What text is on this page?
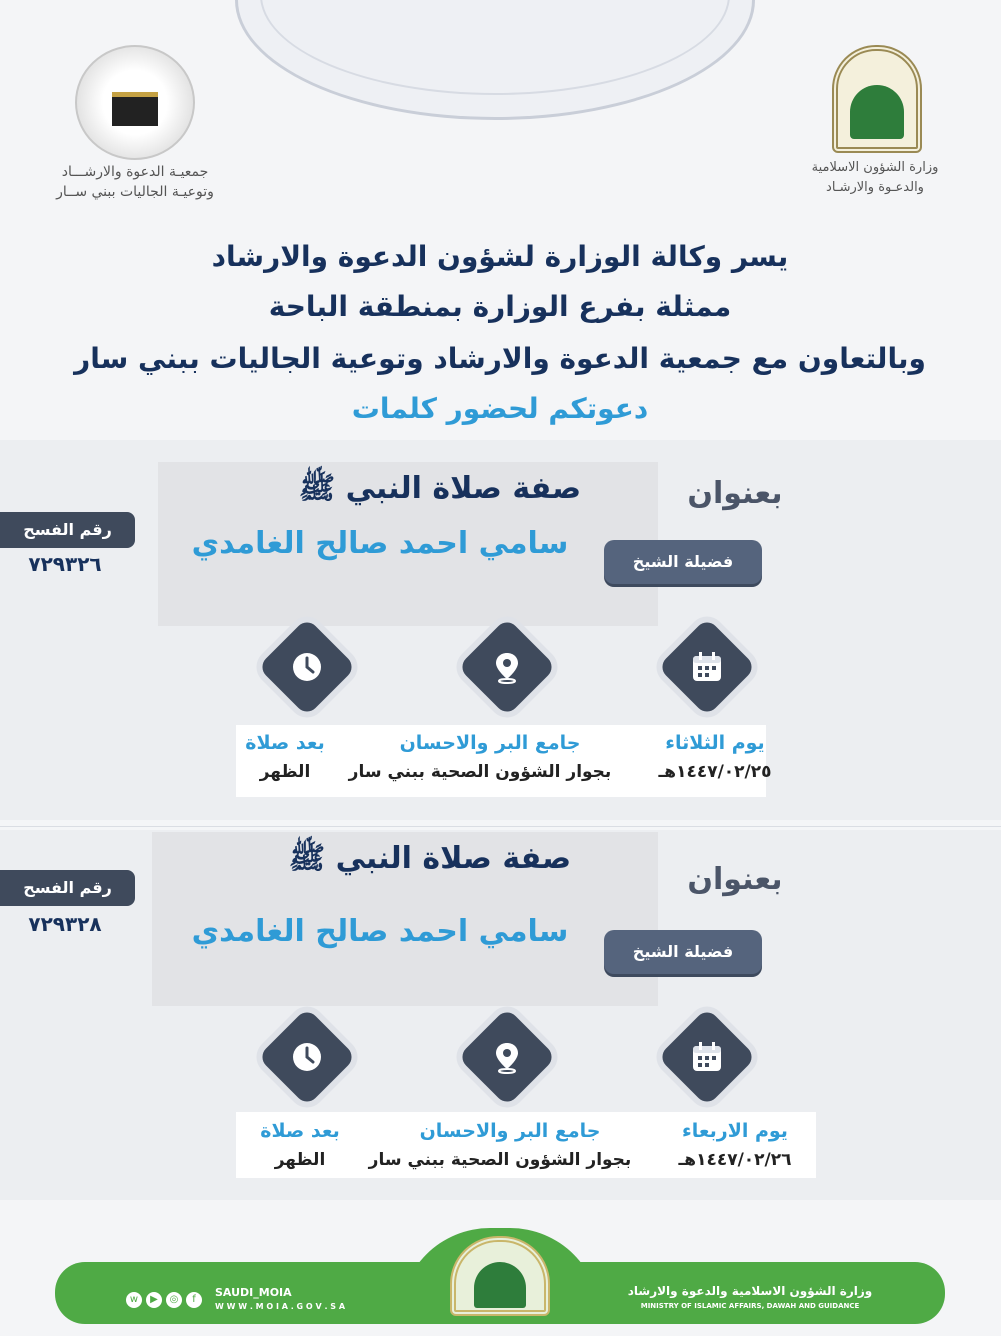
وزارة الشؤون الاسلامية
والدعـوة والارشـاد
جمعيـة الدعوة والارشـــاد
وتوعيـة الجاليات ببني ســار
يسر وكالة الوزارة لشؤون الدعوة والارشاد
ممثلة بفرع الوزارة بمنطقة الباحة
وبالتعاون مع جمعية الدعوة والارشاد وتوعية الجاليات ببني سار
دعوتكم لحضور كلمات
بعنوان
صفة صلاة النبي ﷺ
سامي احمد صالح الغامدي
فضيلة الشيخ
رقم الفسح
٧٢٩٣٢٦
يوم الثلاثاء
١٤٤٧/٠٢/٢٥هـ
جامع البر والاحسان
بجوار الشؤون الصحية ببني سار
بعد صلاة
الظهر
بعنوان
صفة صلاة النبي ﷺ
سامي احمد صالح الغامدي
فضيلة الشيخ
رقم الفسح
٧٢٩٣٢٨
يوم الاربعاء
١٤٤٧/٠٢/٢٦هـ
جامع البر والاحسان
بجوار الشؤون الصحية ببني سار
بعد صلاة
الظهر
وزارة الشؤون الاسلامية والدعوة والارشاد
MINISTRY OF ISLAMIC AFFAIRS, DAWAH AND GUIDANCE
SAUDI_MOIA
W W W . M O I A . G O V . S A
w	▶	◎	f
